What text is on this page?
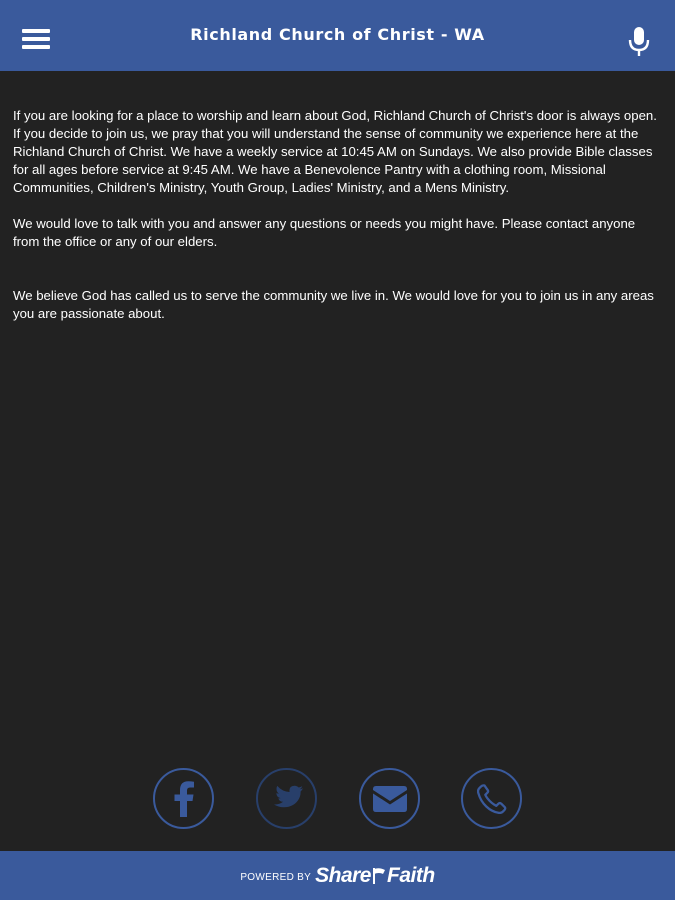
Richland Church of Christ - WA

If you are looking for a place to worship and learn about God, Richland Church of Christ's door is always open. If you decide to join us, we pray that you will understand the sense of community we experience here at the Richland Church of Christ. We have a weekly service at 10:45 AM on Sundays. We also provide Bible classes for all ages before service at 9:45 AM. We have a Benevolence Pantry with a clothing room, Missional Communities, Children's Ministry, Youth Group, Ladies' Ministry, and a Mens Ministry.

We would love to talk with you and answer any questions or needs you might have. Please contact anyone from the office or any of our elders.

We believe God has called us to serve the community we live in. We would love for you to join us in any areas you are passionate about.

POWERED BY Share Faith
